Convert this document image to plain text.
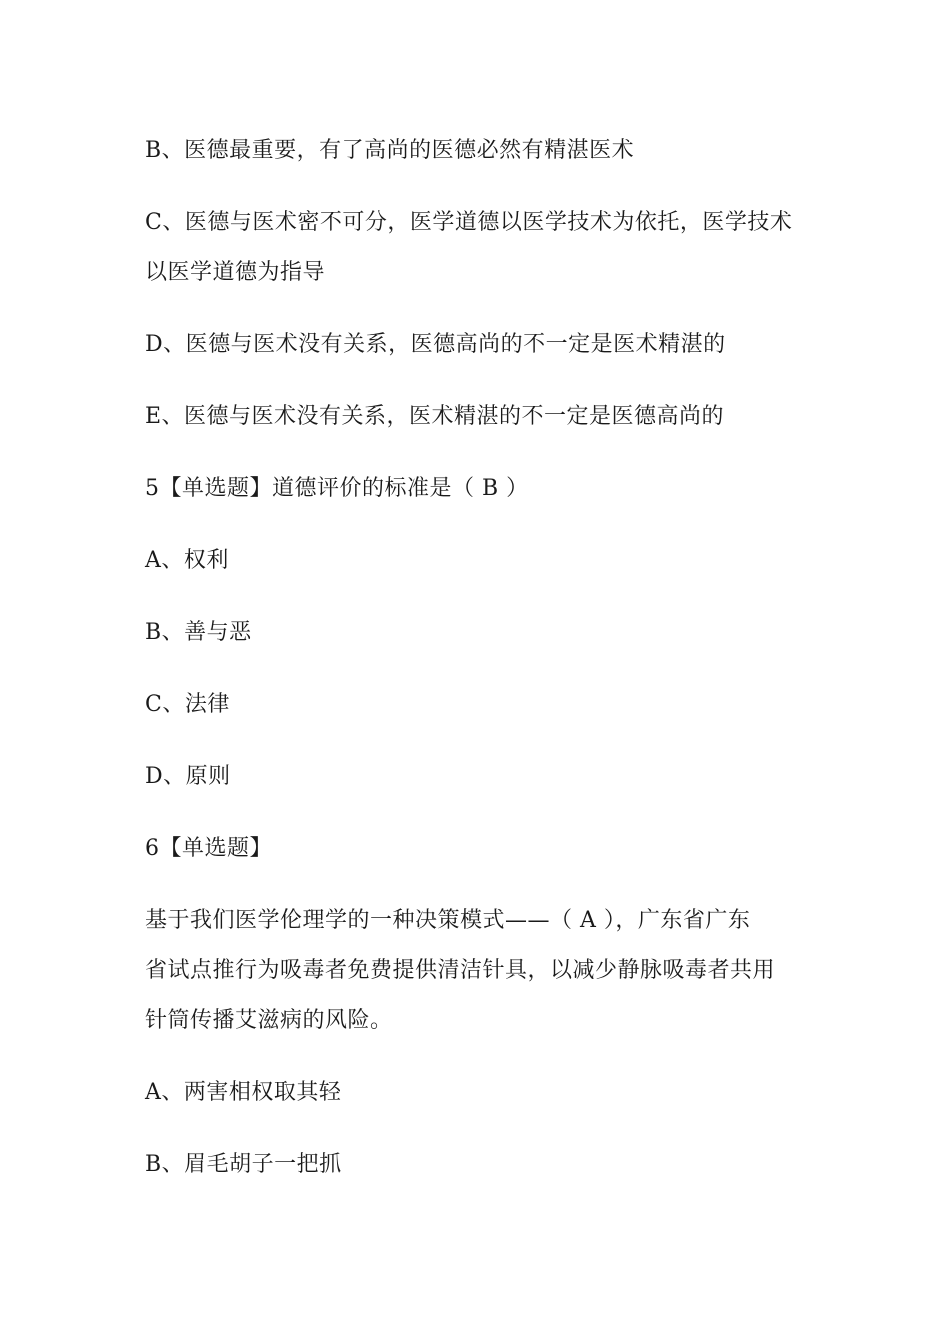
B、医德最重要，有了高尚的医德必然有精湛医术
C、医德与医术密不可分，医学道德以医学技术为依托，医学技术
以医学道德为指导
D、医德与医术没有关系，医德高尚的不一定是医术精湛的
E、医德与医术没有关系，医术精湛的不一定是医德高尚的
5【单选题】道德评价的标准是（ B ）
A、权利
B、善与恶
C、法律
D、原则
6【单选题】
基于我们医学伦理学的一种决策模式——（ A ），广东省广东
省试点推行为吸毒者免费提供清洁针具，以减少静脉吸毒者共用
针筒传播艾滋病的风险。
A、两害相权取其轻
B、眉毛胡子一把抓
